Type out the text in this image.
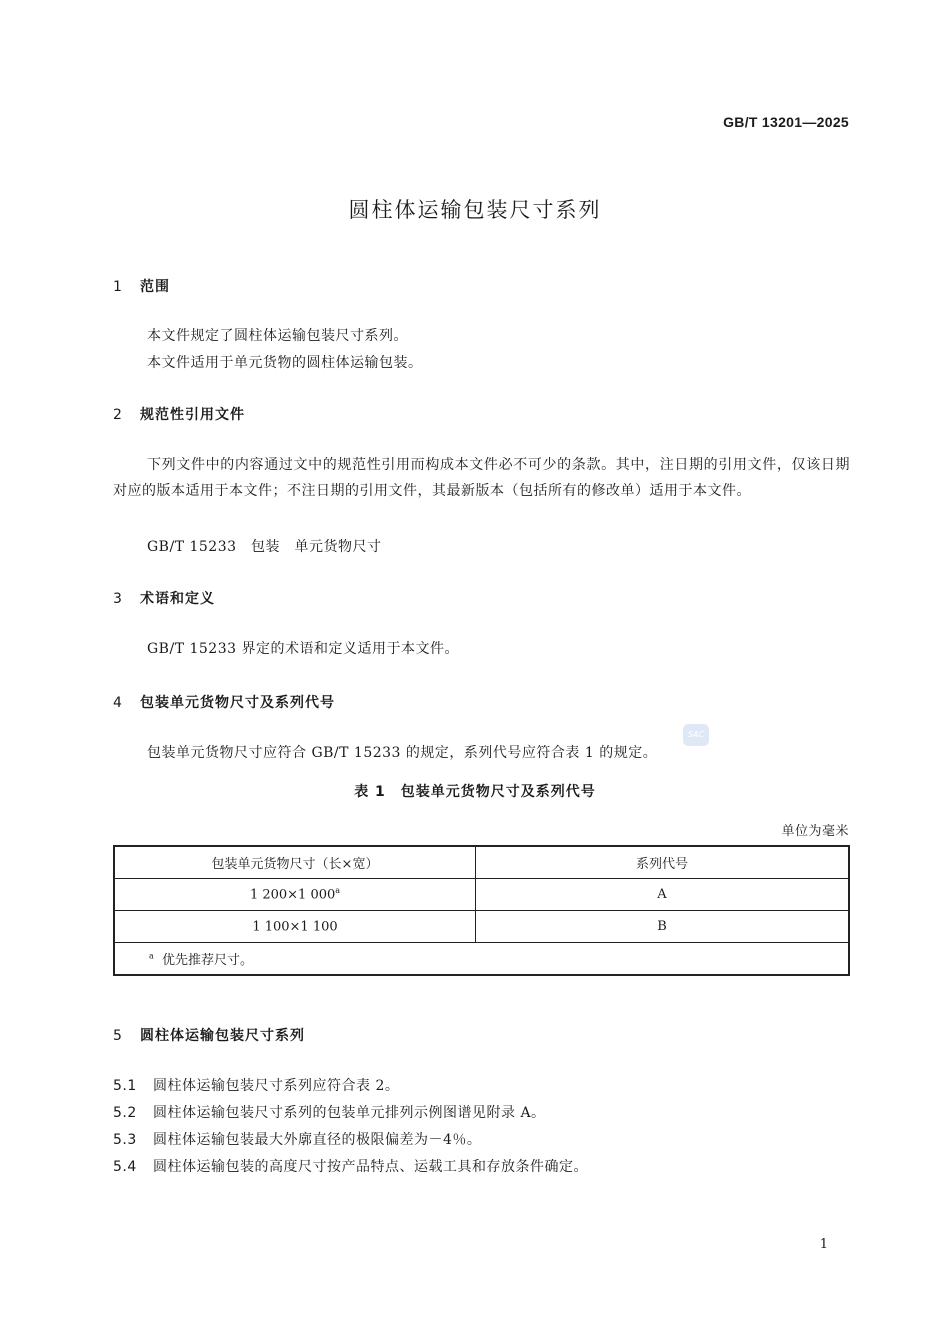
GB/T 13201—2025
圆柱体运输包装尺寸系列
1 范围
本文件规定了圆柱体运输包装尺寸系列。
本文件适用于单元货物的圆柱体运输包装。
2 规范性引用文件
下列文件中的内容通过文中的规范性引用而构成本文件必不可少的条款。其中，注日期的引用文件，仅该日期对应的版本适用于本文件；不注日期的引用文件，其最新版本（包括所有的修改单）适用于本文件。
GB/T 15233　包装　单元货物尺寸
3 术语和定义
GB/T 15233 界定的术语和定义适用于本文件。
4 包装单元货物尺寸及系列代号
包装单元货物尺寸应符合 GB/T 15233 的规定，系列代号应符合表 1 的规定。
SAC
表 1　包装单元货物尺寸及系列代号
单位为毫米
包装单元货物尺寸（长×宽）	系列代号
1 200×1 000$^a$	A
1 100×1 100	B
$^a$ 优先推荐尺寸。	
5 圆柱体运输包装尺寸系列
5.1 圆柱体运输包装尺寸系列应符合表 2。
5.2 圆柱体运输包装尺寸系列的包装单元排列示例图谱见附录 A。
5.3 圆柱体运输包装最大外廓直径的极限偏差为－4％。
5.4 圆柱体运输包装的高度尺寸按产品特点、运载工具和存放条件确定。
1
